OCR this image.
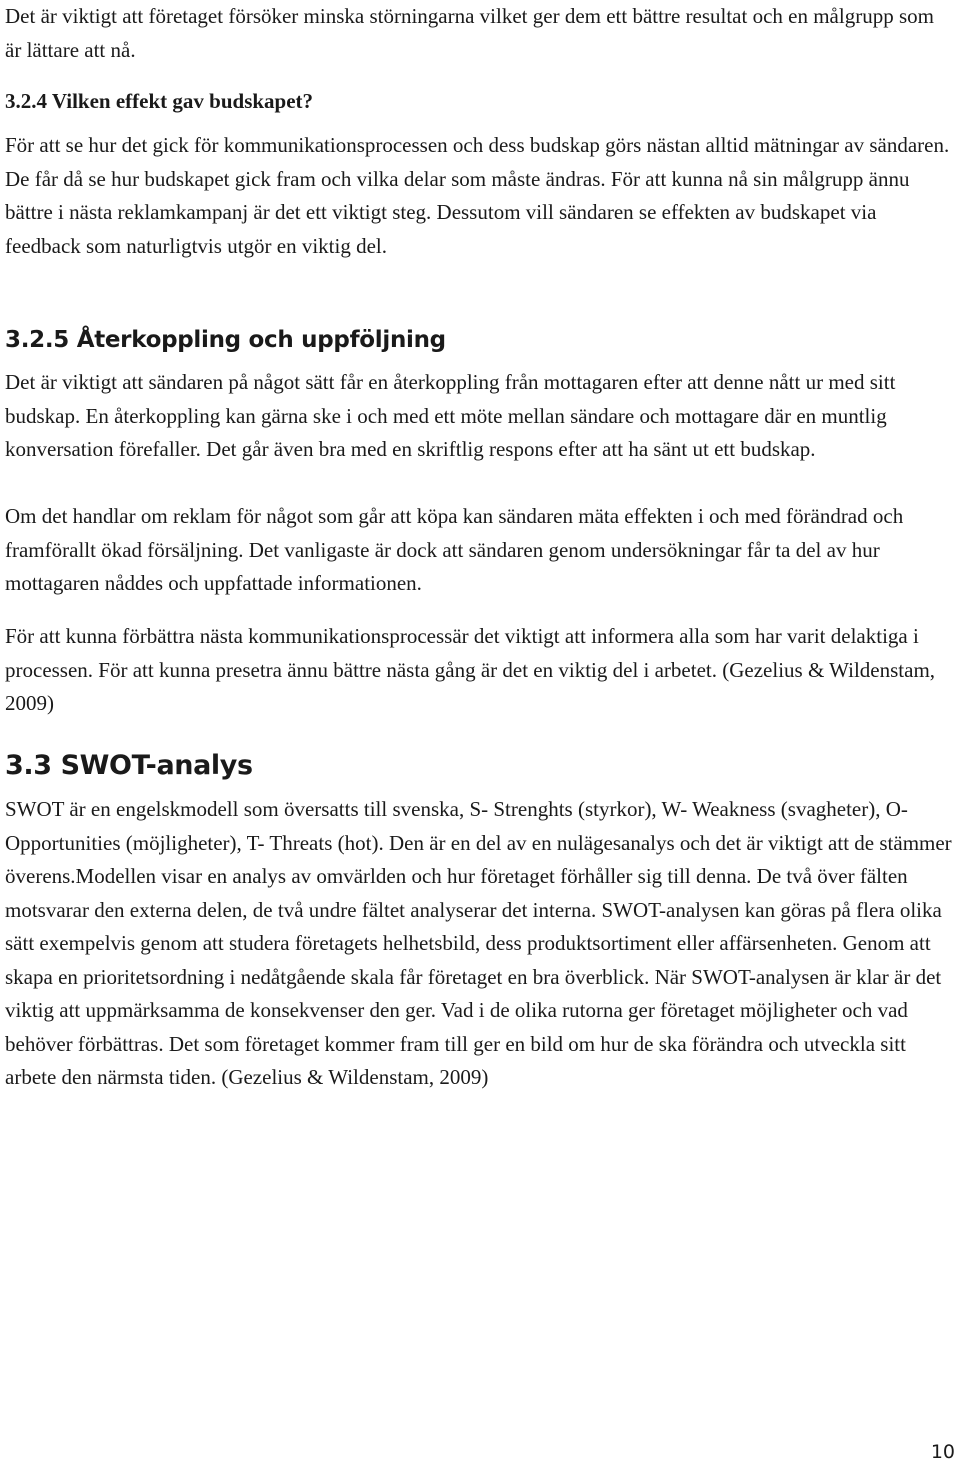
Det är viktigt att företaget försöker minska störningarna vilket ger dem ett bättre resultat och en målgrupp som är lättare att nå.

3.2.4 Vilken effekt gav budskapet?

För att se hur det gick för kommunikationsprocessen och dess budskap görs nästan alltid mätningar av sändaren. De får då se hur budskapet gick fram och vilka delar som måste ändras. För att kunna nå sin målgrupp ännu bättre i nästa reklamkampanj är det ett viktigt steg. Dessutom vill sändaren se effekten av budskapet via feedback som naturligtvis utgör en viktig del.

3.2.5 Återkoppling och uppföljning

Det är viktigt att sändaren på något sätt får en återkoppling från mottagaren efter att denne nått ur med sitt budskap. En återkoppling kan gärna ske i och med ett möte mellan sändare och mottagare där en muntlig konversation förefaller. Det går även bra med en skriftlig respons efter att ha sänt ut ett budskap.

Om det handlar om reklam för något som går att köpa kan sändaren mäta effekten i och med förändrad och framförallt ökad försäljning. Det vanligaste är dock att sändaren genom undersökningar får ta del av hur mottagaren nåddes och uppfattade informationen.

För att kunna förbättra nästa kommunikationsprocessär det viktigt att informera alla som har varit delaktiga i processen. För att kunna presetra ännu bättre nästa gång är det en viktig del i arbetet. (Gezelius & Wildenstam, 2009)

3.3 SWOT-analys

SWOT är en engelskmodell som översatts till svenska, S- Strenghts (styrkor), W- Weakness (svagheter), O- Opportunities (möjligheter), T- Threats (hot). Den är en del av en nulägesanalys och det är viktigt att de stämmer överens.Modellen visar en analys av omvärlden och hur företaget förhåller sig till denna. De två över fälten motsvarar den externa delen, de två undre fältet analyserar det interna. SWOT-analysen kan göras på flera olika sätt exempelvis genom att studera företagets helhetsbild, dess produktsortiment eller affärsenheten. Genom att skapa en prioritetsordning i nedåtgående skala får företaget en bra överblick. När SWOT-analysen är klar är det viktig att uppmärksamma de konsekvenser den ger. Vad i de olika rutorna ger företaget möjligheter och vad behöver förbättras. Det som företaget kommer fram till ger en bild om hur de ska förändra och utveckla sitt arbete den närmsta tiden. (Gezelius & Wildenstam, 2009)

10
